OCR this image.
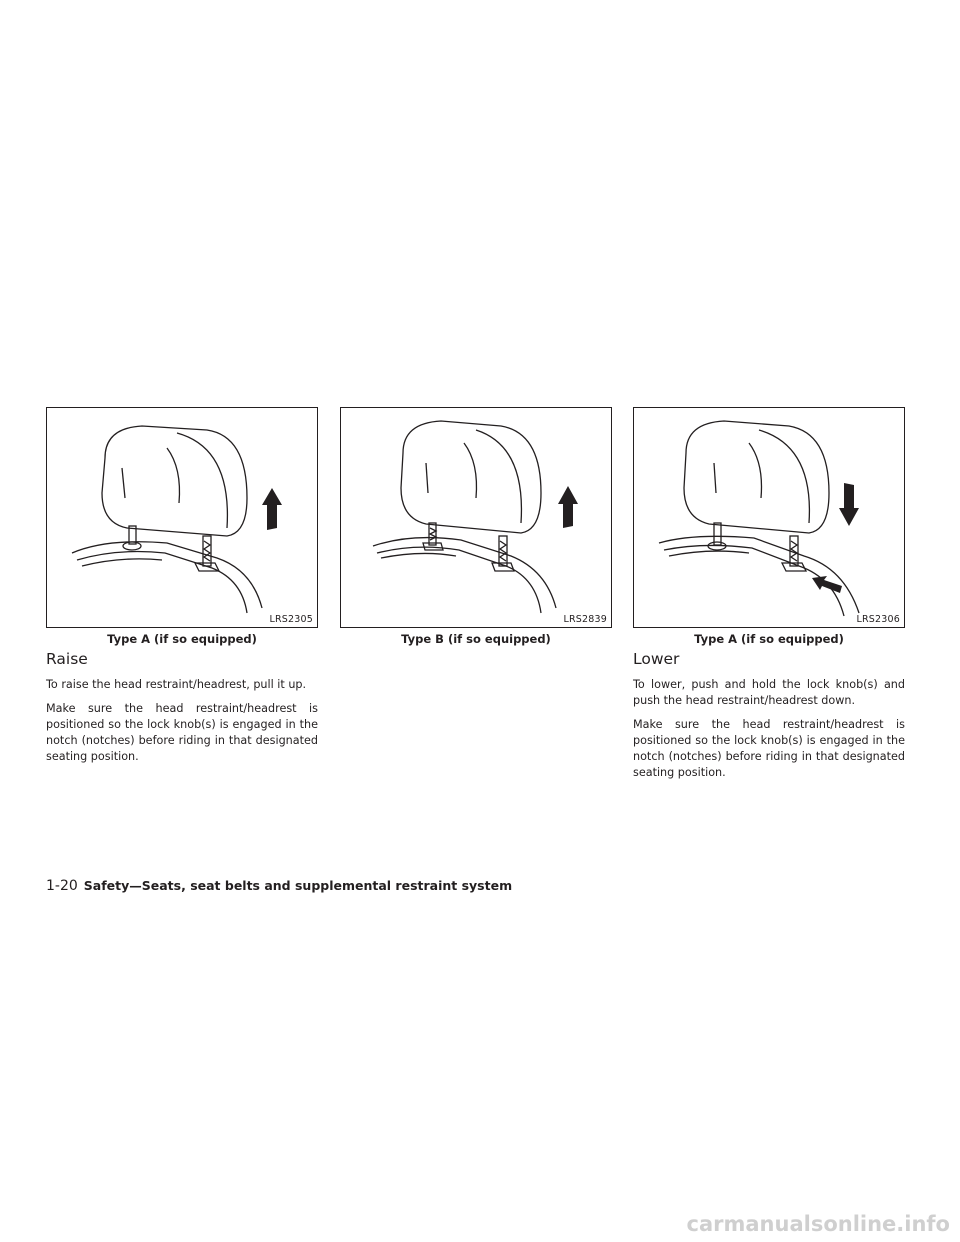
LRS2305
Type A (if so equipped)
LRS2839
Type B (if so equipped)
LRS2306
Type A (if so equipped)
Raise

To raise the head restraint/headrest, pull it up.

Make sure the head restraint/headrest is positioned so the lock knob(s) is engaged in the notch (notches) before riding in that designated seating position.

Lower

To lower, push and hold the lock knob(s) and push the head restraint/headrest down.

Make sure the head restraint/headrest is positioned so the lock knob(s) is engaged in the notch (notches) before riding in that designated seating position.

1-20 Safety—Seats, seat belts and supplemental restraint system
carmanualsonline.info
